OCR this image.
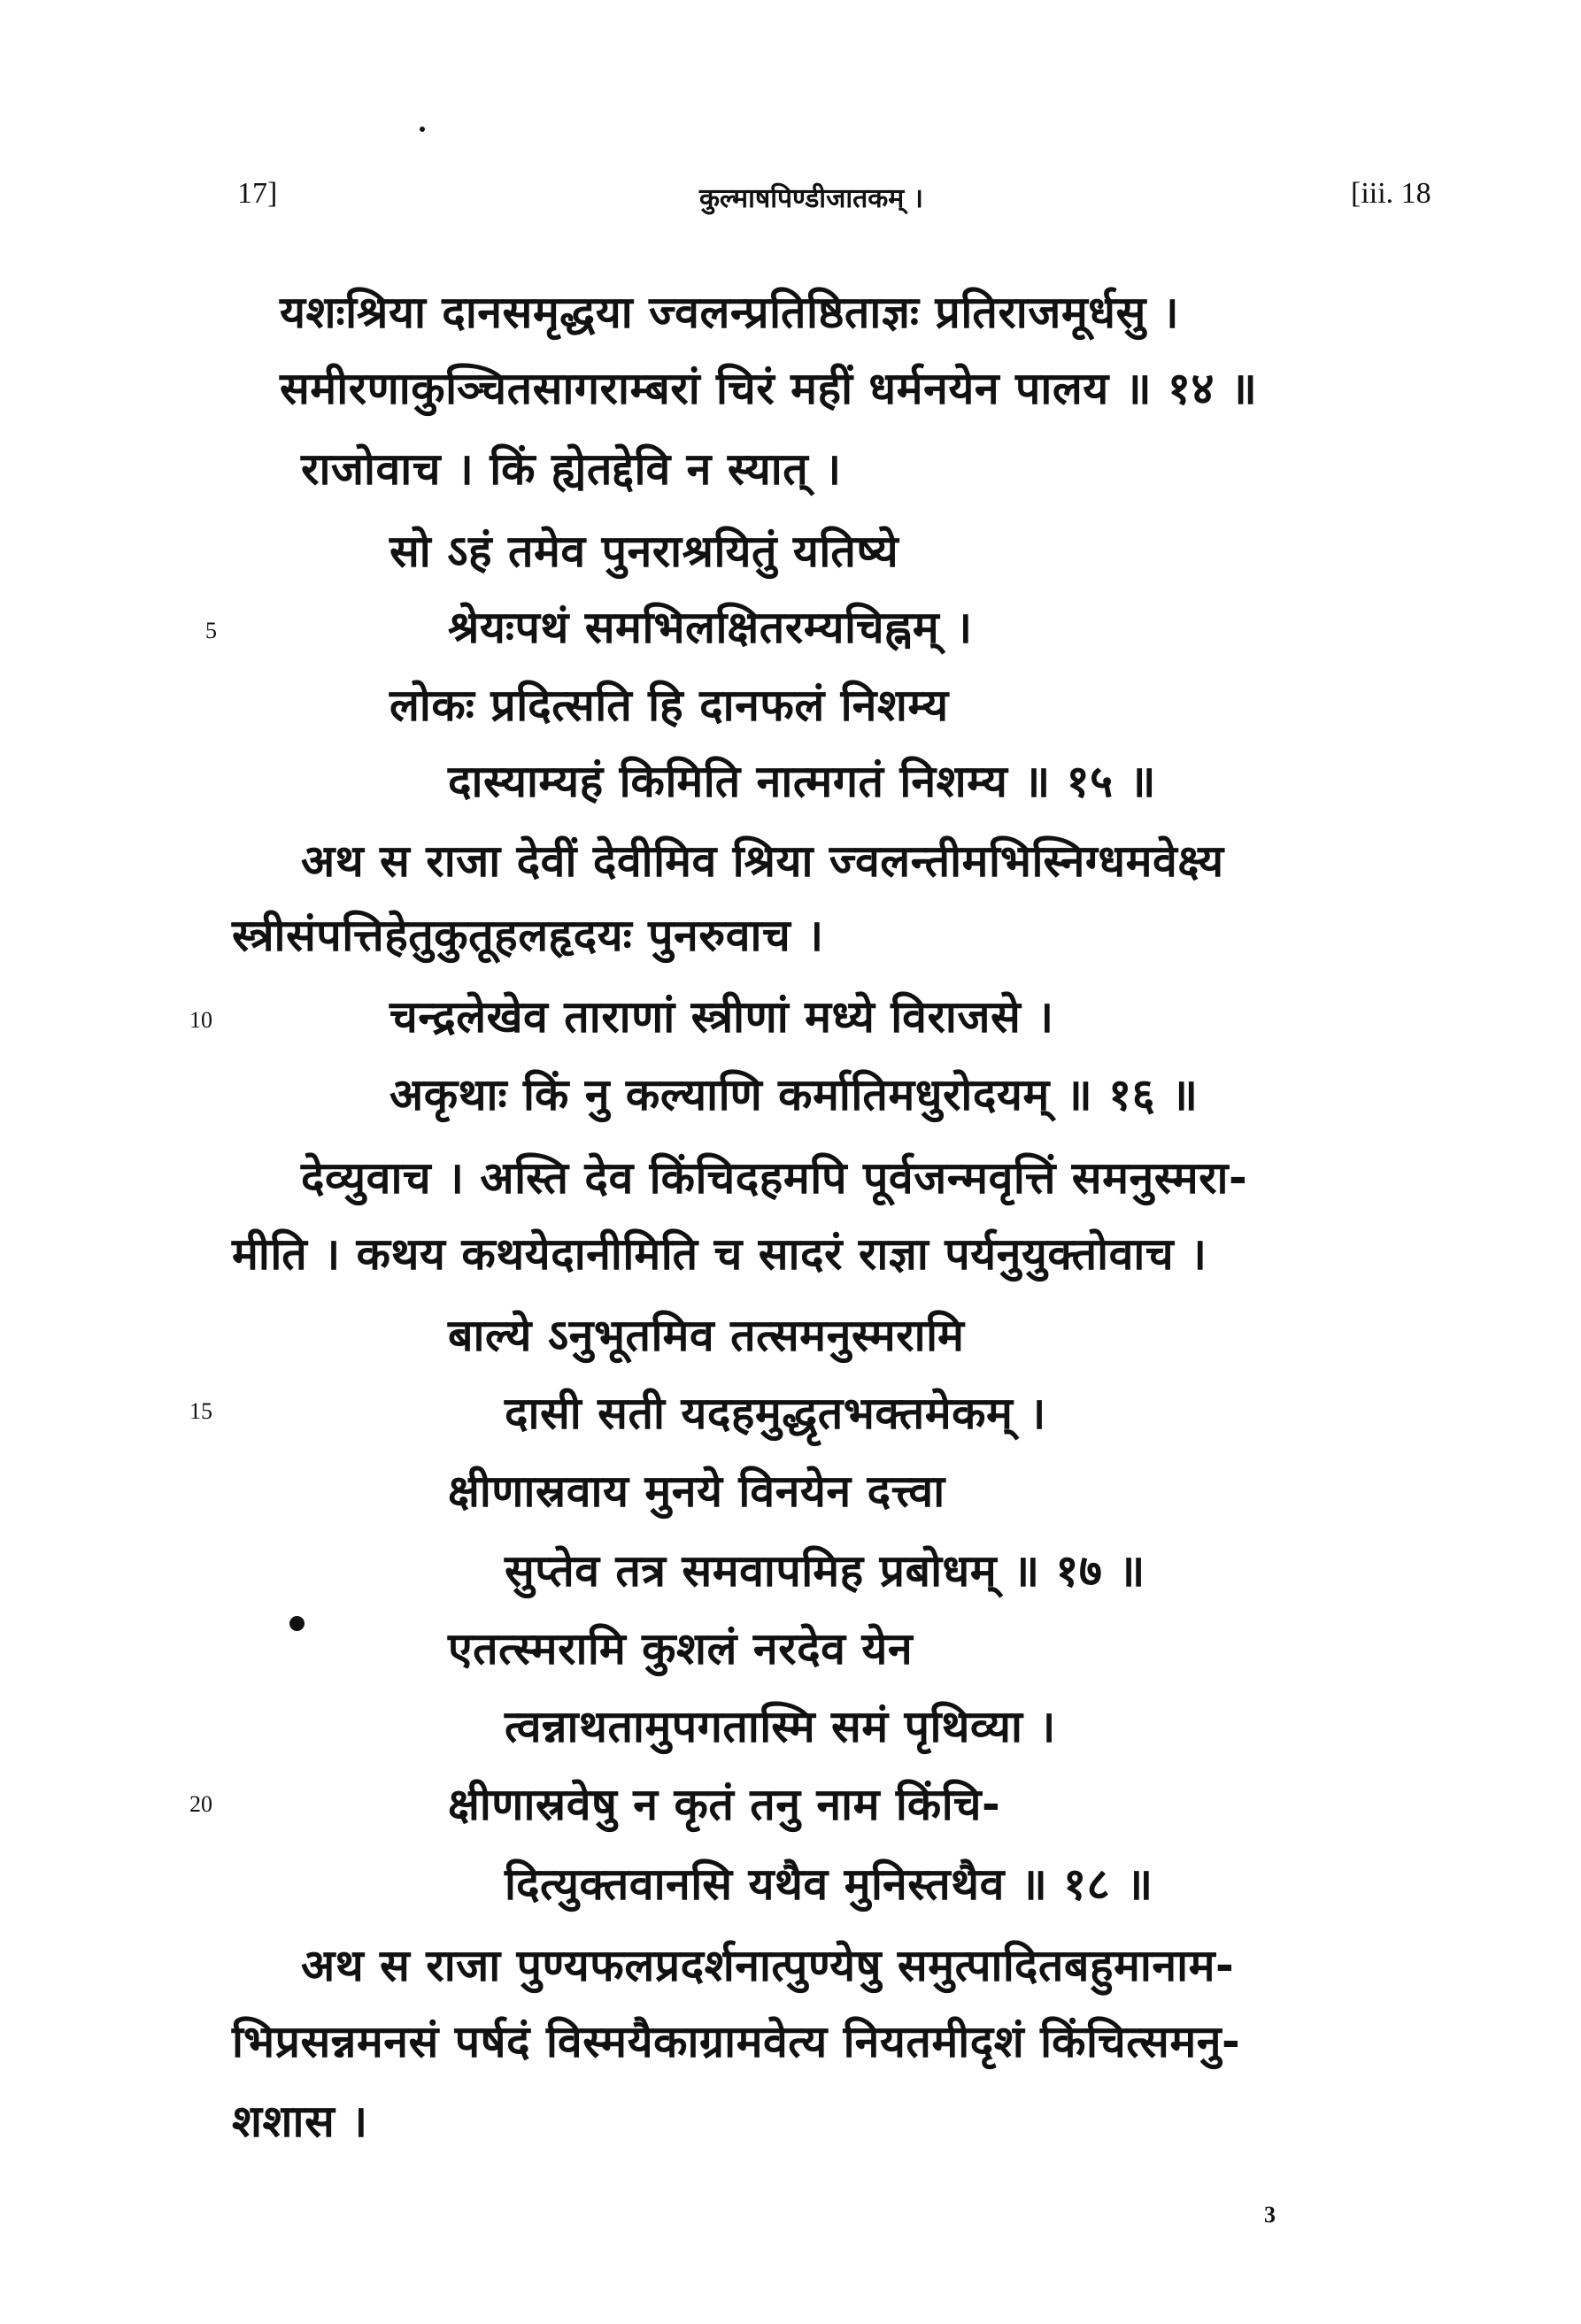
17]	कुल्माषपिण्डीजातकम् ।	[iii. 18
यशःश्रिया दानसमृद्धया ज्वलन्प्रतिष्ठिताज्ञः प्रतिराजमूर्धसु ।
समीरणाकुञ्चितसागराम्बरां चिरं महीं धर्मनयेन पालय ॥ १४ ॥
राजोवाच । किं ह्येतद्देवि न स्यात् ।
सो ऽहं तमेव पुनराश्रयितुं यतिष्ये
श्रेयःपथं समभिलक्षितरम्यचिह्नम् ।
लोकः प्रदित्सति हि दानफलं निशम्य
दास्याम्यहं किमिति नात्मगतं निशम्य ॥ १५ ॥
अथ स राजा देवीं देवीमिव श्रिया ज्वलन्तीमभिस्निग्धमवेक्ष्य
स्त्रीसंपत्तिहेतुकुतूहलहृदयः पुनरुवाच ।
चन्द्रलेखेव ताराणां स्त्रीणां मध्ये विराजसे ।
अकृथाः किं नु कल्याणि कर्मातिमधुरोदयम् ॥ १६ ॥
देव्युवाच । अस्ति देव किंचिदहमपि पूर्वजन्मवृत्तिं समनुस्मरा-
मीति । कथय कथयेदानीमिति च सादरं राज्ञा पर्यनुयुक्तोवाच ।
बाल्ये ऽनुभूतमिव तत्समनुस्मरामि
दासी सती यदहमुद्धृतभक्तमेकम् ।
क्षीणास्रवाय मुनये विनयेन दत्त्वा
सुप्तेव तत्र समवापमिह प्रबोधम् ॥ १७ ॥
एतत्स्मरामि कुशलं नरदेव येन
त्वन्नाथतामुपगतास्मि समं पृथिव्या ।
क्षीणास्रवेषु न कृतं तनु नाम किंचि-
दित्युक्तवानसि यथैव मुनिस्तथैव ॥ १८ ॥
अथ स राजा पुण्यफलप्रदर्शनात्पुण्येषु समुत्पादितबहुमानाम-
भिप्रसन्नमनसं पर्षदं विस्मयैकाग्रामवेत्य नियतमीदृशं किंचित्समनु-
शशास ।
5
10
15
20
3
